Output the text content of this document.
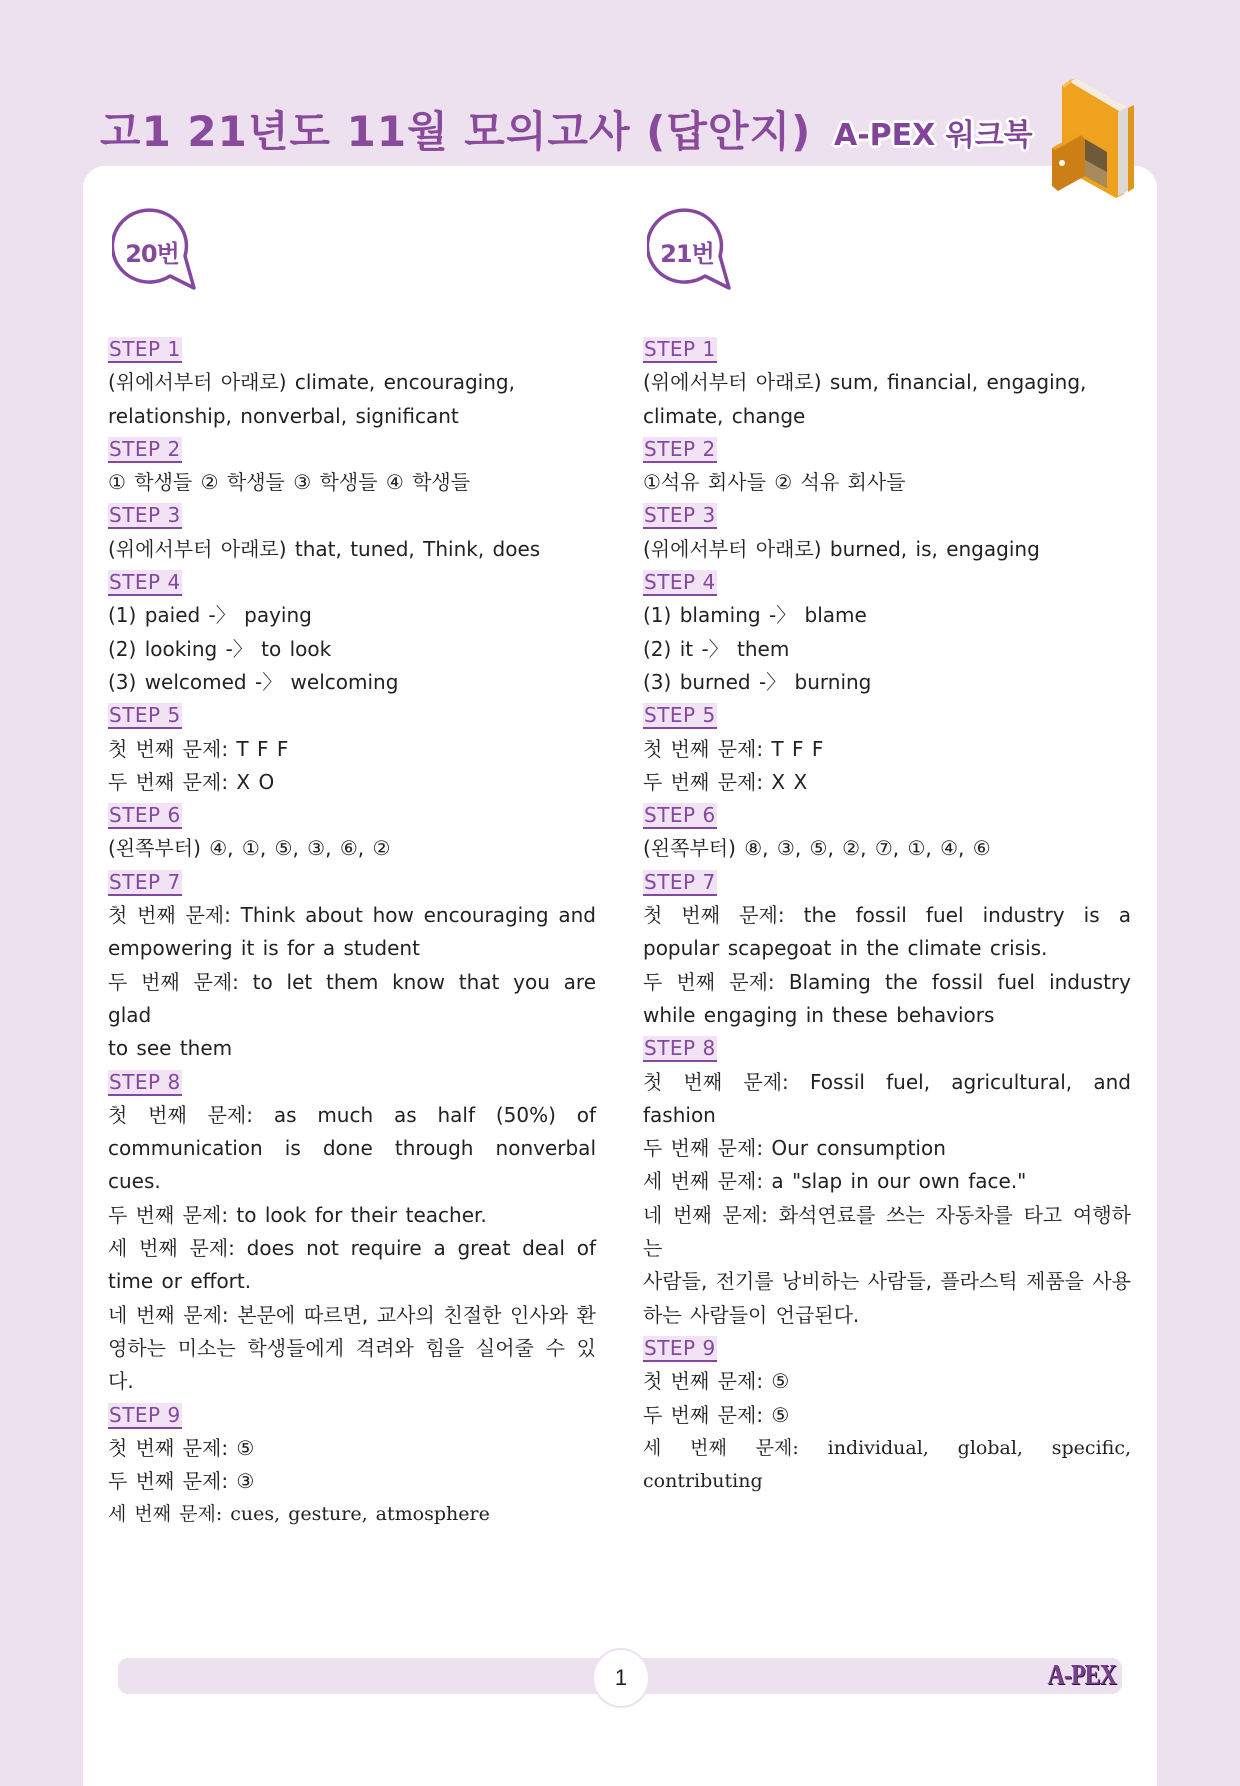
고1 21년도 11월 모의고사 (답안지) A-PEX 워크북
20번	21번
STEP 1
(위에서부터 아래로) climate, encouraging,
relationship, nonverbal, significant
STEP 2
① 학생들 ② 학생들 ③ 학생들 ④ 학생들
STEP 3
(위에서부터 아래로) that, tuned, Think, does
STEP 4
(1) paied -〉 paying
(2) looking -〉 to look
(3) welcomed -〉 welcoming
STEP 5
첫 번째 문제: T F F
두 번째 문제: X O
STEP 6
(왼쪽부터) ④, ①, ⑤, ③, ⑥, ②
STEP 7
첫 번째 문제: Think about how encouraging and
empowering it is for a student
두 번째 문제: to let them know that you are glad
to see them
STEP 8
첫 번째 문제: as much as half (50%) of
communication is done through nonverbal cues.
두 번째 문제: to look for their teacher.
세 번째 문제: does not require a great deal of
time or effort.
네 번째 문제: 본문에 따르면, 교사의 친절한 인사와 환
영하는 미소는 학생들에게 격려와 힘을 실어줄 수 있다.
STEP 9
첫 번째 문제: ⑤
두 번째 문제: ③
세 번째 문제: cues, gesture, atmosphere
STEP 1
(위에서부터 아래로) sum, financial, engaging,
climate, change
STEP 2
①석유 회사들 ② 석유 회사들
STEP 3
(위에서부터 아래로) burned, is, engaging
STEP 4
(1) blaming -〉 blame
(2) it -〉 them
(3) burned -〉 burning
STEP 5
첫 번째 문제: T F F
두 번째 문제: X X
STEP 6
(왼쪽부터) ⑧, ③, ⑤, ②, ⑦, ①, ④, ⑥
STEP 7
첫 번째 문제: the fossil fuel industry is a
popular scapegoat in the climate crisis.
두 번째 문제: Blaming the fossil fuel industry
while engaging in these behaviors
STEP 8
첫 번째 문제: Fossil fuel, agricultural, and fashion
두 번째 문제: Our consumption
세 번째 문제: a "slap in our own face."
네 번째 문제: 화석연료를 쓰는 자동차를 타고 여행하는
사람들, 전기를 낭비하는 사람들, 플라스틱 제품을 사용
하는 사람들이 언급된다.
STEP 9
첫 번째 문제: ⑤
두 번째 문제: ⑤
세 번째 문제: individual, global, specific,
contributing
1	A-PEX
